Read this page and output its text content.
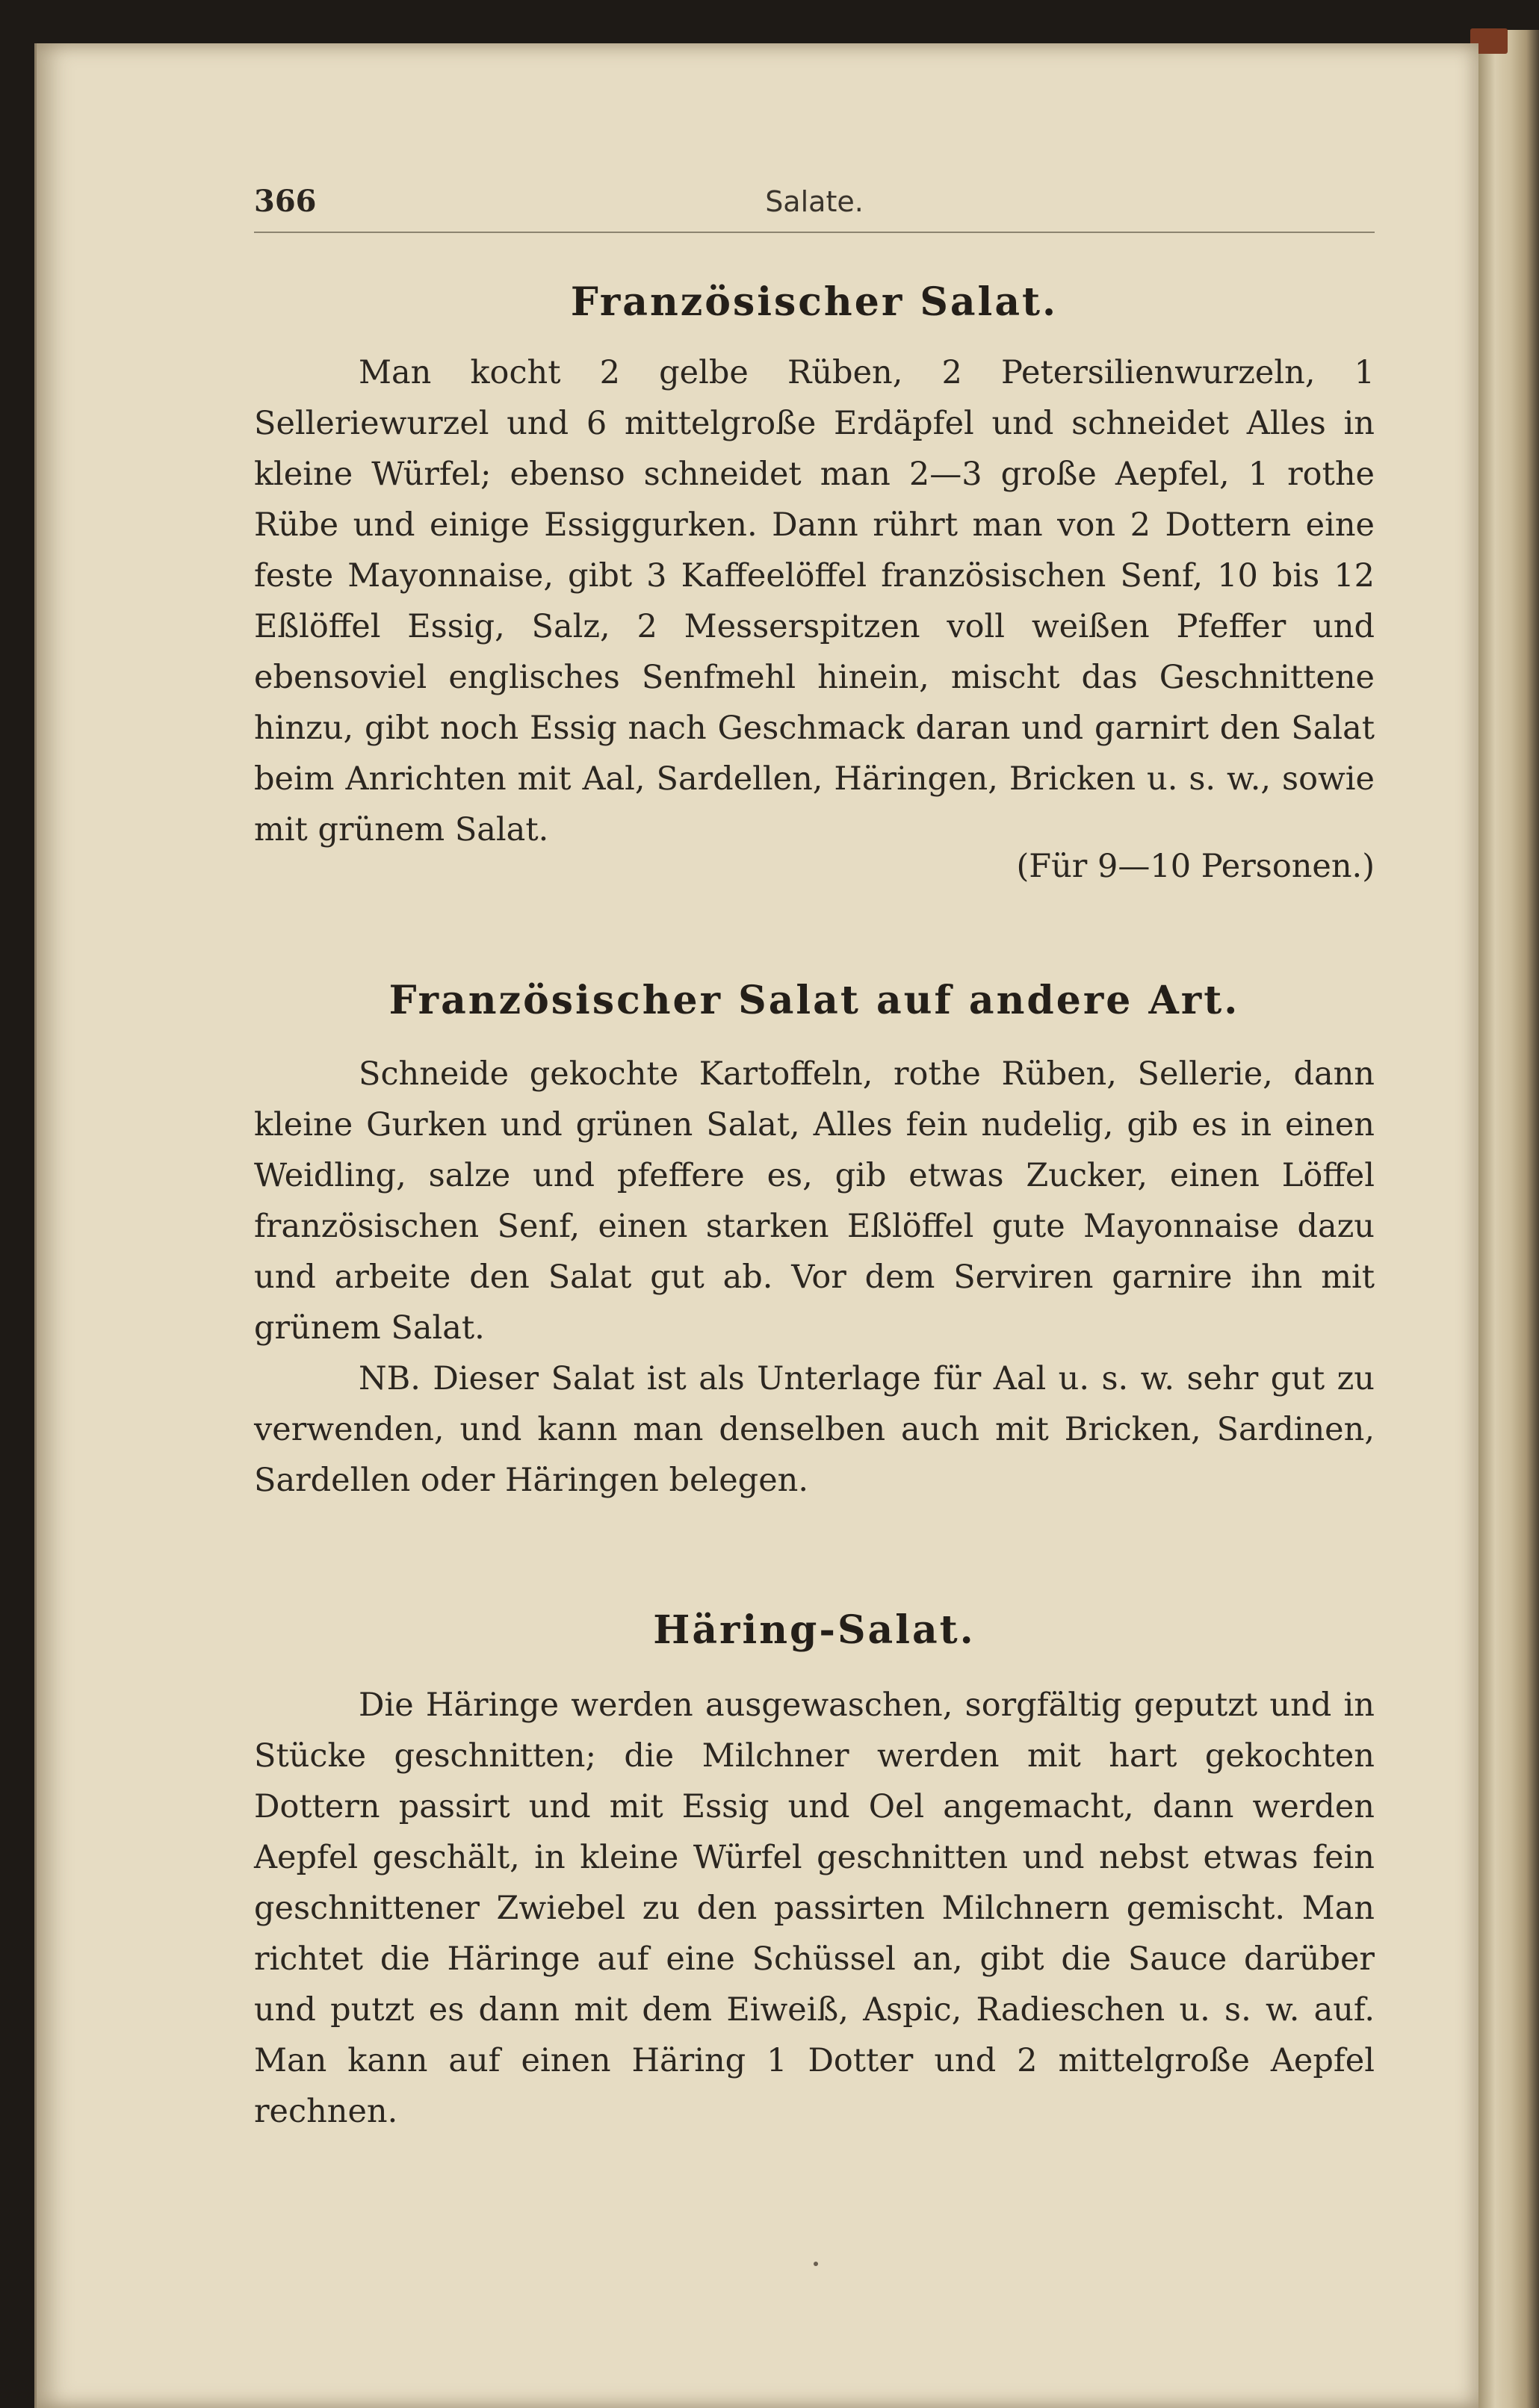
366	Salate.
Französischer Salat.

Man kocht 2 gelbe Rüben, 2 Petersilienwurzeln, 1 Selleriewurzel und 6 mittelgroße Erdäpfel und schneidet Alles in kleine Würfel; ebenso schneidet man 2—3 große Aepfel, 1 rothe Rübe und einige Essiggurken. Dann rührt man von 2 Dottern eine feste Mayonnaise, gibt 3 Kaffeelöffel französischen Senf, 10 bis 12 Eßlöffel Essig, Salz, 2 Messerspitzen voll weißen Pfeffer und ebensoviel englisches Senfmehl hinein, mischt das Geschnittene hinzu, gibt noch Essig nach Geschmack daran und garnirt den Salat beim Anrichten mit Aal, Sardellen, Häringen, Bricken u. s. w., sowie mit grünem Salat.

(Für 9—10 Personen.)
Französischer Salat auf andere Art.

Schneide gekochte Kartoffeln, rothe Rüben, Sellerie, dann kleine Gurken und grünen Salat, Alles fein nudelig, gib es in einen Weidling, salze und pfeffere es, gib etwas Zucker, einen Löffel französischen Senf, einen starken Eßlöffel gute Mayonnaise dazu und arbeite den Salat gut ab. Vor dem Serviren garnire ihn mit grünem Salat.

NB. Dieser Salat ist als Unterlage für Aal u. s. w. sehr gut zu verwenden, und kann man denselben auch mit Bricken, Sardinen, Sardellen oder Häringen belegen.

Häring-Salat.

Die Häringe werden ausgewaschen, sorgfältig geputzt und in Stücke geschnitten; die Milchner werden mit hart gekochten Dottern passirt und mit Essig und Oel angemacht, dann werden Aepfel geschält, in kleine Würfel geschnitten und nebst etwas fein geschnittener Zwiebel zu den passirten Milchnern gemischt. Man richtet die Häringe auf eine Schüssel an, gibt die Sauce darüber und putzt es dann mit dem Eiweiß, Aspic, Radieschen u. s. w. auf. Man kann auf einen Häring 1 Dotter und 2 mittelgroße Aepfel rechnen.
